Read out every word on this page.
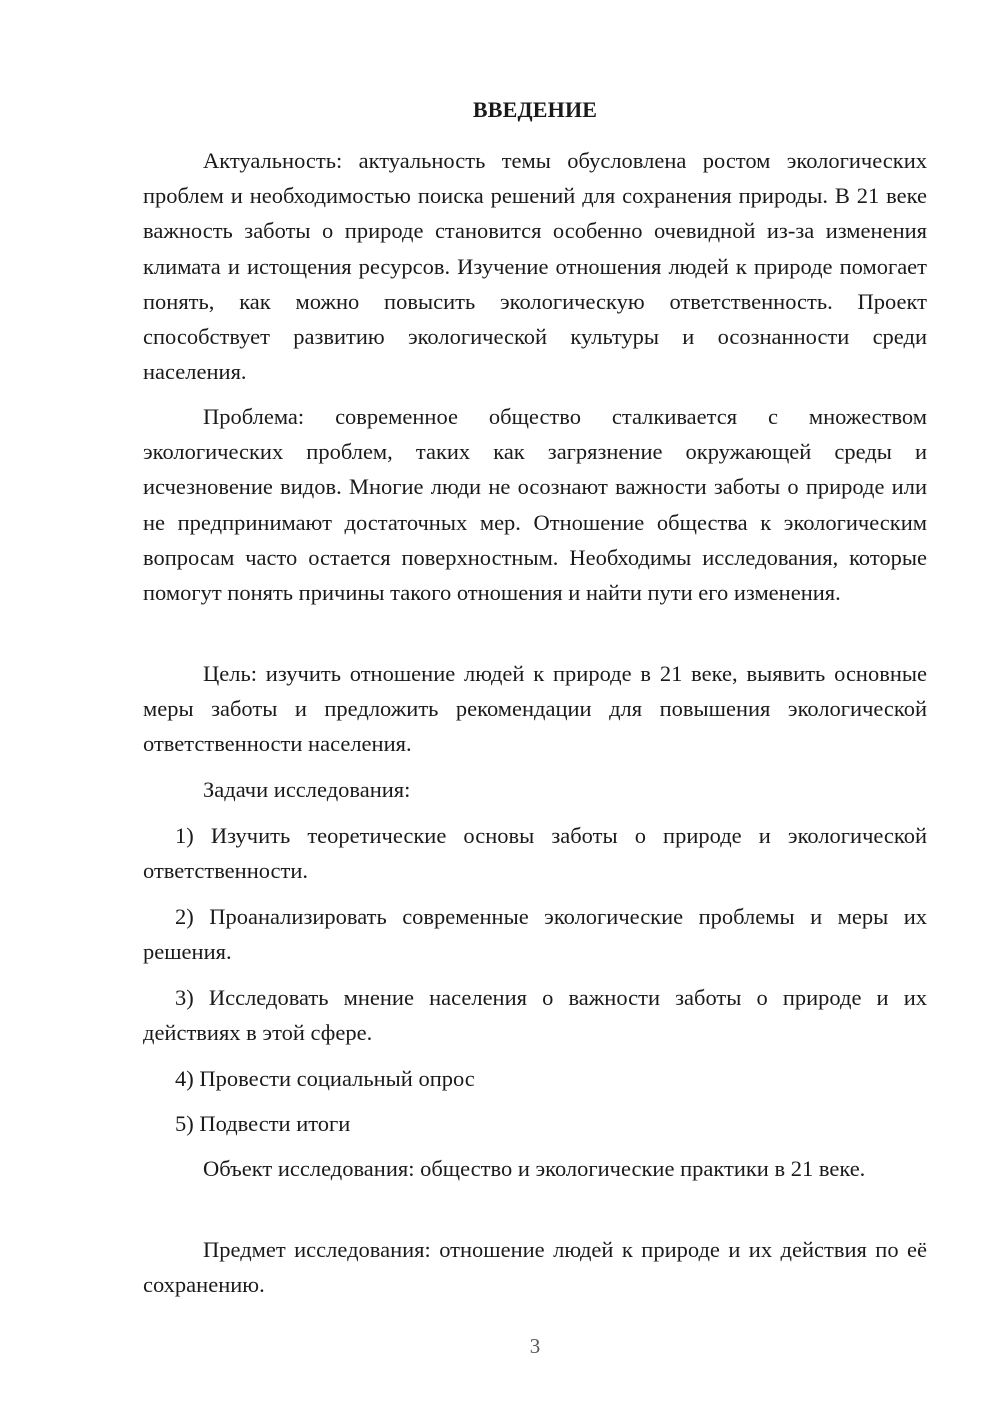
ВВЕДЕНИЕ

Актуальность: актуальность темы обусловлена ростом экологических проблем и необходимостью поиска решений для сохранения природы. В 21 веке важность заботы о природе становится особенно очевидной из-за изменения климата и истощения ресурсов. Изучение отношения людей к природе помогает понять, как можно повысить экологическую ответственность. Проект способствует развитию экологической культуры и осознанности среди населения.

Проблема: современное общество сталкивается с множеством экологических проблем, таких как загрязнение окружающей среды и исчезновение видов. Многие люди не осознают важности заботы о природе или не предпринимают достаточных мер. Отношение общества к экологическим вопросам часто остается поверхностным. Необходимы исследования, которые помогут понять причины такого отношения и найти пути его изменения.

Цель: изучить отношение людей к природе в 21 веке, выявить основные меры заботы и предложить рекомендации для повышения экологической ответственности населения.

Задачи исследования:

1) Изучить теоретические основы заботы о природе и экологической ответственности.

2) Проанализировать современные экологические проблемы и меры их решения.

3) Исследовать мнение населения о важности заботы о природе и их действиях в этой сфере.

4) Провести социальный опрос

5) Подвести итоги

Объект исследования: общество и экологические практики в 21 веке.

Предмет исследования: отношение людей к природе и их действия по её сохранению.

3
